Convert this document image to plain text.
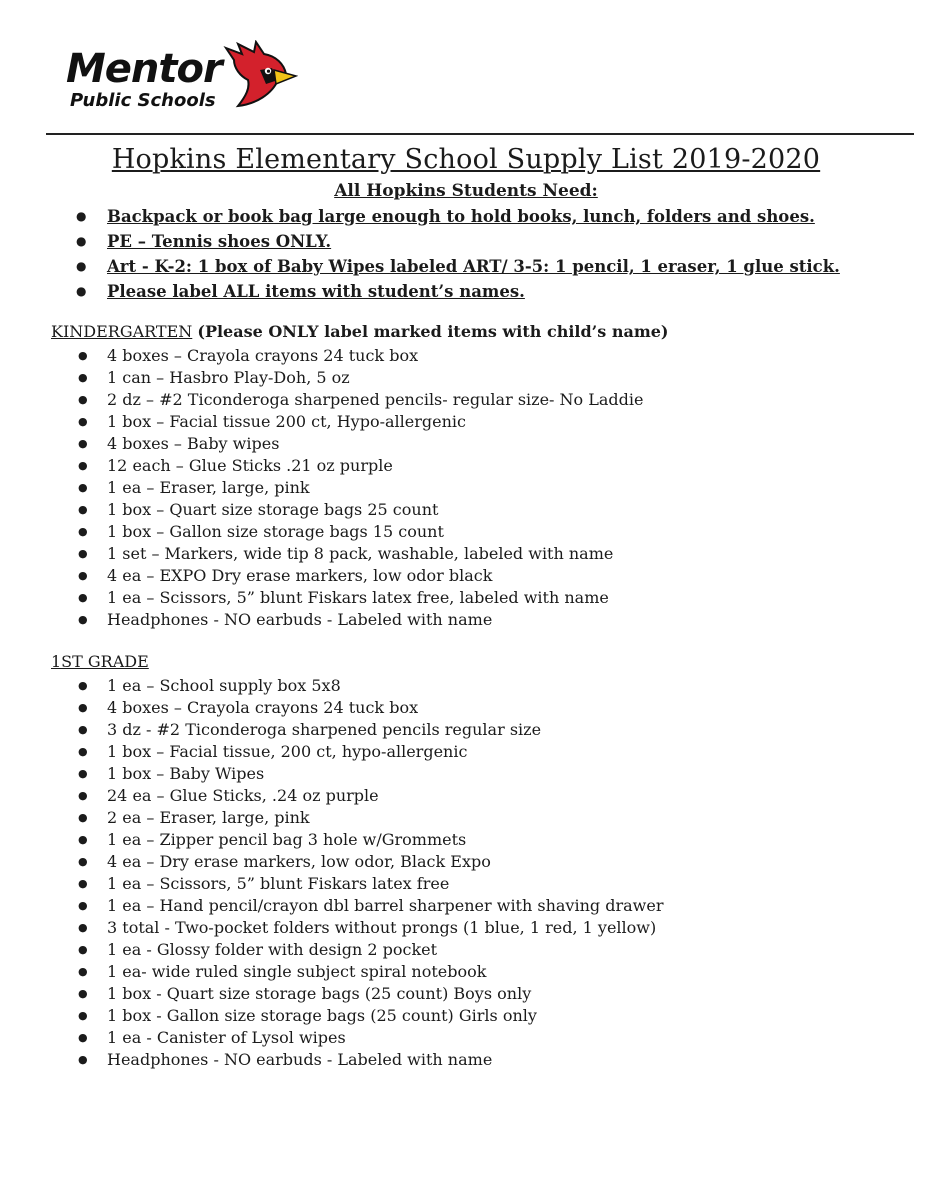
Mentor
Public Schools
Hopkins Elementary School Supply List 2019-2020
All Hopkins Students Need:
● Backpack or book bag large enough to hold books, lunch, folders and shoes.
● PE – Tennis shoes ONLY.
● Art - K-2: 1 box of Baby Wipes labeled ART/ 3-5: 1 pencil, 1 eraser, 1 glue stick.
● Please label ALL items with student’s names.
KINDERGARTEN (Please ONLY label marked items with child’s name)
● 4 boxes – Crayola crayons 24 tuck box
● 1 can – Hasbro Play-Doh, 5 oz
● 2 dz – #2 Ticonderoga sharpened pencils- regular size- No Laddie
● 1 box – Facial tissue 200 ct, Hypo-allergenic
● 4 boxes – Baby wipes
● 12 each – Glue Sticks .21 oz purple
● 1 ea – Eraser, large, pink
● 1 box – Quart size storage bags 25 count
● 1 box – Gallon size storage bags 15 count
● 1 set – Markers, wide tip 8 pack, washable, labeled with name
● 4 ea – EXPO Dry erase markers, low odor black
● 1 ea – Scissors, 5” blunt Fiskars latex free, labeled with name
● Headphones - NO earbuds - Labeled with name
1ST GRADE
● 1 ea – School supply box 5x8
● 4 boxes – Crayola crayons 24 tuck box
● 3 dz - #2 Ticonderoga sharpened pencils regular size
● 1 box – Facial tissue, 200 ct, hypo-allergenic
● 1 box – Baby Wipes
● 24 ea – Glue Sticks, .24 oz purple
● 2 ea – Eraser, large, pink
● 1 ea – Zipper pencil bag 3 hole w/Grommets
● 4 ea – Dry erase markers, low odor, Black Expo
● 1 ea – Scissors, 5” blunt Fiskars latex free
● 1 ea – Hand pencil/crayon dbl barrel sharpener with shaving drawer
● 3 total - Two-pocket folders without prongs (1 blue, 1 red, 1 yellow)
● 1 ea - Glossy folder with design 2 pocket
● 1 ea- wide ruled single subject spiral notebook
● 1 box - Quart size storage bags (25 count) Boys only
● 1 box - Gallon size storage bags (25 count) Girls only
● 1 ea - Canister of Lysol wipes
● Headphones - NO earbuds - Labeled with name
